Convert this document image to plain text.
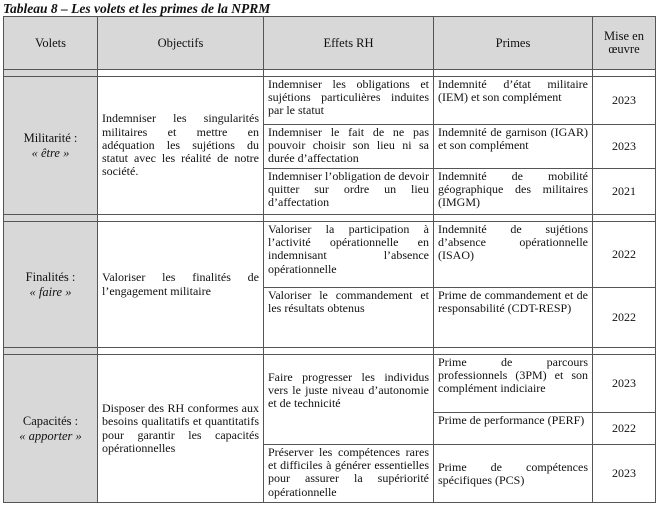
Tableau 8 – Les volets et les primes de la NPRM
Volets	Objectifs	Effets RH	Primes	Mise en œuvre

Militarité :
« être »	Indemniser les singularités militaires et mettre en adéquation les sujétions du statut avec les réalité de notre société.	Indemniser les obligations et sujétions particulières induites par le statut	Indemnité d’état militaire (IEM) et son complément	2023
		Indemniser le fait de ne pas pouvoir choisir son lieu ni sa durée d’affectation	Indemnité de garnison (IGAR) et son complément	2023
		Indemniser l’obligation de devoir quitter sur ordre un lieu d’affectation	Indemnité de mobilité géographique des militaires (IMGM)	2021

Finalités :
« faire »	Valoriser les finalités de l’engagement militaire	Valoriser la participation à l’activité opérationnelle en indemnisant l’absence opérationnelle	Indemnité de sujétions d’absence opérationnelle (ISAO)	2022
		Valoriser le commandement et les résultats obtenus	Prime de commandement et de responsabilité (CDT-RESP)	2022

Capacités :
« apporter »	Disposer des RH conformes aux besoins qualitatifs et quantitatifs pour garantir les capacités opérationnelles	Faire progresser les individus vers le juste niveau d’autonomie et de technicité	Prime de parcours professionnels (3PM) et son complément indiciaire	2023
			Prime de performance (PERF)	2022
		Préserver les compétences rares et difficiles à générer essentielles pour assurer la supériorité opérationnelle	Prime de compétences spécifiques (PCS)	2023
